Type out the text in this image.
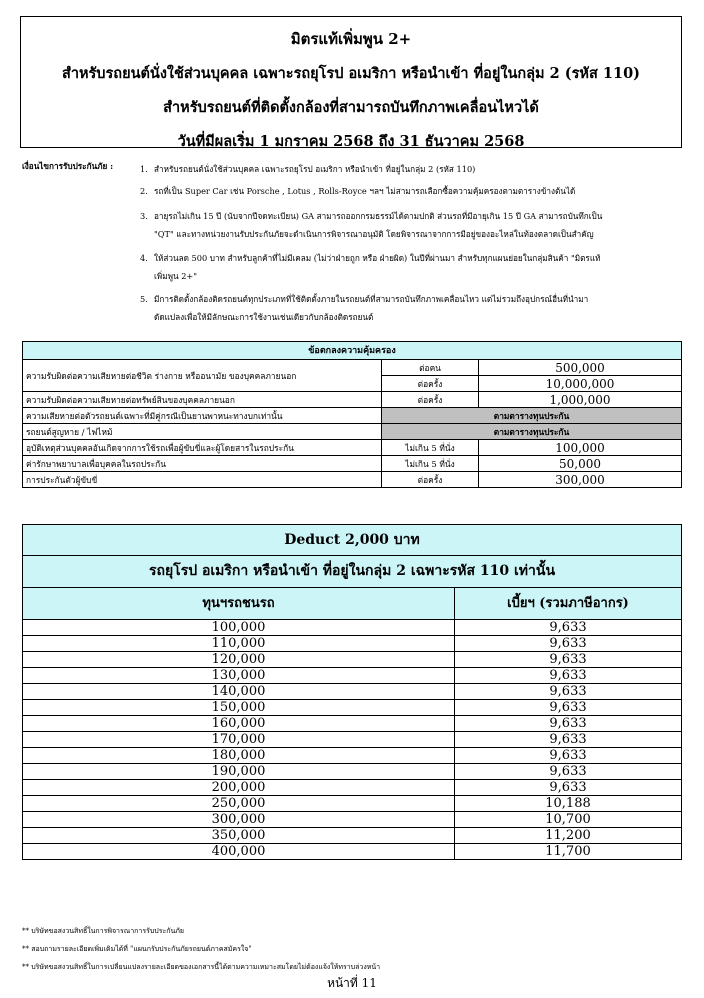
มิตรแท้เพิ่มพูน 2+
สำหรับรถยนต์นั่งใช้ส่วนบุคคล เฉพาะรถยุโรป อเมริกา หรือนำเข้า ที่อยู่ในกลุ่ม 2 (รหัส 110)
สำหรับรถยนต์ที่ติดตั้งกล้องที่สามารถบันทึกภาพเคลื่อนไหวได้
วันที่มีผลเริ่ม 1 มกราคม 2568 ถึง 31 ธันวาคม 2568
เงื่อนไขการรับประกันภัย :	1. สำหรับรถยนต์นั่งใช้ส่วนบุคคล เฉพาะรถยุโรป อเมริกา หรือนำเข้า ที่อยู่ในกลุ่ม 2 (รหัส 110)
2. รถที่เป็น Super Car เช่น Porsche , Lotus , Rolls-Royce ฯลฯ ไม่สามารถเลือกซื้อความคุ้มครองตามตารางข้างต้นได้
3. อายุรถไม่เกิน 15 ปี (นับจากปีจดทะเบียน) GA สามารถออกกรมธรรม์ได้ตามปกติ ส่วนรถที่มีอายุเกิน 15 ปี GA สามารถบันทึกเป็น
"QT" และทางหน่วยงานรับประกันภัยจะดำเนินการพิจารณาอนุมัติ โดยพิจารณาจากการมีอยู่ของอะไหล่ในท้องตลาดเป็นสำคัญ
4. ให้ส่วนลด 500 บาท สำหรับลูกค้าที่ไม่มีเคลม (ไม่ว่าฝ่ายถูก หรือ ฝ่ายผิด) ในปีที่ผ่านมา สำหรับทุกแผนย่อยในกลุ่มสินค้า "มิตรแท้
เพิ่มพูน 2+"
5. มีการติดตั้งกล้องติดรถยนต์ทุกประเภทที่ใช้ติดตั้งภายในรถยนต์ที่สามารถบันทึกภาพเคลื่อนไหว แต่ไม่รวมถึงอุปกรณ์อื่นที่นำมา
ดัดแปลงเพื่อให้มีลักษณะการใช้งานเช่นเดียวกับกล้องติดรถยนต์
ข้อตกลงความคุ้มครอง		
ความรับผิดต่อความเสียหายต่อชีวิต ร่างกาย หรืออนามัย ของบุคคลภายนอก	ต่อคน	500,000
	ต่อครั้ง	10,000,000
ความรับผิดต่อความเสียหายต่อทรัพย์สินของบุคคลภายนอก	ต่อครั้ง	1,000,000
ความเสียหายต่อตัวรถยนต์เฉพาะที่มีคู่กรณีเป็นยานพาหนะทางบกเท่านั้น	ตามตารางทุนประกัน	
รถยนต์สูญหาย / ไฟไหม้	ตามตารางทุนประกัน	
อุบัติเหตุส่วนบุคคลอันเกิดจากการใช้รถเพื่อผู้ขับขี่และผู้โดยสารในรถประกัน	ไม่เกิน 5 ที่นั่ง	100,000
ค่ารักษาพยาบาลเพื่อบุคคลในรถประกัน	ไม่เกิน 5 ที่นั่ง	50,000
การประกันตัวผู้ขับขี่	ต่อครั้ง	300,000
Deduct 2,000 บาท	
รถยุโรป อเมริกา หรือนำเข้า ที่อยู่ในกลุ่ม 2 เฉพาะรหัส 110 เท่านั้น	
ทุนฯรถชนรถ	เบี้ยฯ (รวมภาษีอากร)
100,000	9,633
110,000	9,633
120,000	9,633
130,000	9,633
140,000	9,633
150,000	9,633
160,000	9,633
170,000	9,633
180,000	9,633
190,000	9,633
200,000	9,633
250,000	10,188
300,000	10,700
350,000	11,200
400,000	11,700
** บริษัทขอสงวนสิทธิ์ในการพิจารณาการรับประกันภัย
** สอบถามรายละเอียดเพิ่มเติมได้ที่ "แผนกรับประกันภัยรถยนต์ภาคสมัครใจ"
** บริษัทขอสงวนสิทธิ์ในการเปลี่ยนแปลงรายละเอียดของเอกสารนี้ได้ตามความเหมาะสมโดยไม่ต้องแจ้งให้ทราบล่วงหน้า
หน้าที่ 11
